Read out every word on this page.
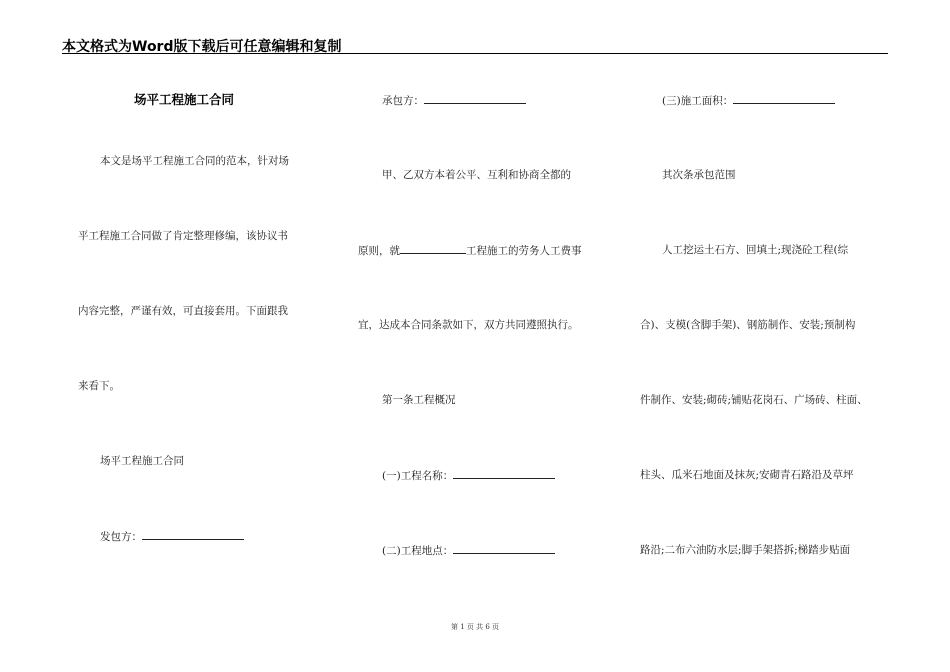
本文格式为Word版下载后可任意编辑和复制
场平工程施工合同
本文是场平工程施工合同的范本，针对场
平工程施工合同做了肯定整理修编，该协议书
内容完整，严谨有效，可直接套用。下面跟我
来看下。
场平工程施工合同
发包方：
承包方：
甲、乙双方本着公平、互利和协商全都的
原则，就	工程施工的劳务人工费事
宜，达成本合同条款如下，双方共同遵照执行。
第一条工程概况
(一)工程名称：
(二)工程地点：
(三)施工面积：
其次条承包范围
人工挖运土石方、回填土;现浇砼工程(综
合)、支模(含脚手架)、钢筋制作、安装;预制构
件制作、安装;砌砖;铺贴花岗石、广场砖、柱面、
柱头、瓜米石地面及抹灰;安砌青石路沿及草坪
路沿;二布六油防水层;脚手架搭拆;梯踏步贴面
第 1 页 共 6 页
